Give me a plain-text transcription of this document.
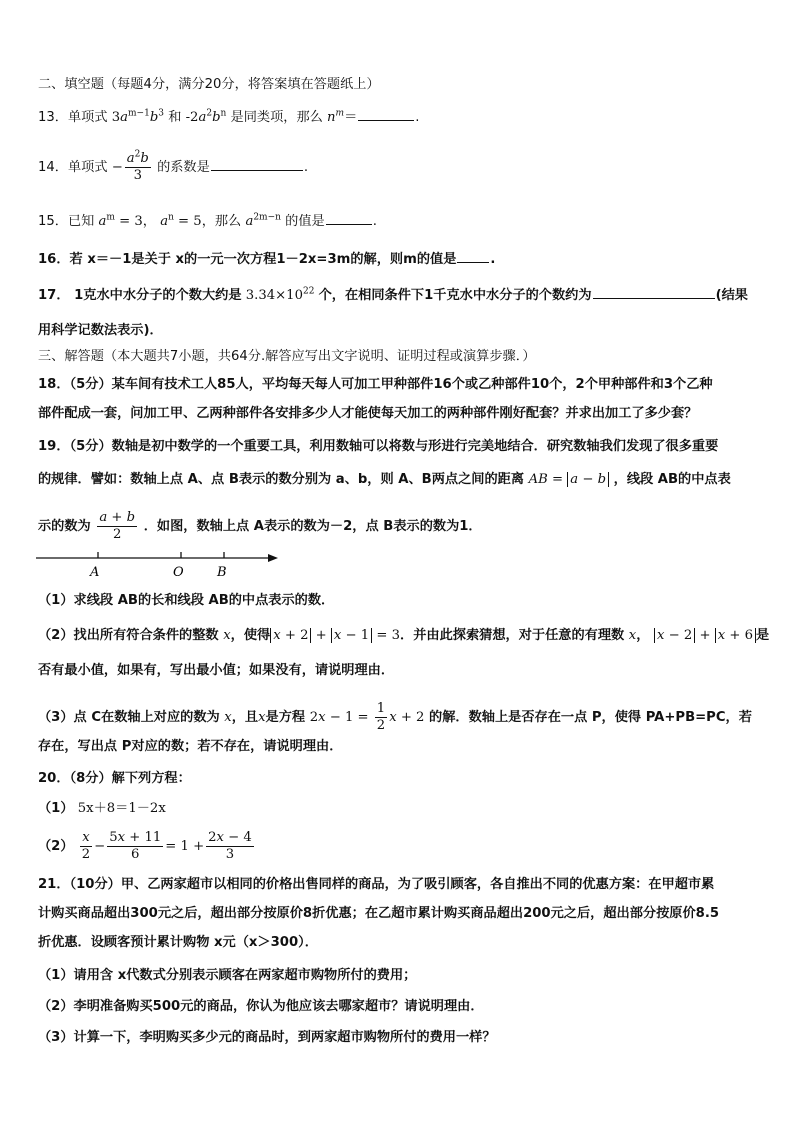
二、填空题（每题4分，满分20分，将答案填在答题纸上）
13．单项式 $3a^{m-1}b^3$ 和 $-2a^2b^n$ 是同类项，那么 $n^m=$	.
14．单项式 − $\frac{a^2b}{3}$ 的系数是	.
15．已知 $a^m = 3$， $a^n = 5$，那么 $a^{2m-n}$ 的值是	.
16．若 x＝－1是关于 x的一元一次方程1－2x=3m的解，则m的值是	.
17． 1克水中水分子的个数大约是 $3.34\times 10^{22}$ 个，在相同条件下1千克水中水分子的个数约为	(结果
用科学记数法表示)．
三、解答题（本大题共7小题，共64分.解答应写出文字说明、证明过程或演算步骤．）
18．（5分）某车间有技术工人85人，平均每天每人可加工甲种部件16个或乙种部件10个，2个甲种部件和3个乙种
部件配成一套，问加工甲、乙两种部件各安排多少人才能使每天加工的两种部件刚好配套？并求出加工了多少套？
19．（5分）数轴是初中数学的一个重要工具，利用数轴可以将数与形进行完美地结合．研究数轴我们发现了很多重要
的规律．譬如：数轴上点 A、点 B表示的数分别为 a、b，则 A、B两点之间的距离 AB = a − b ，线段 AB的中点表
示的数为 $\frac{a + b}{2}$ ．如图，数轴上点 A表示的数为－2，点 B表示的数为1．
A	O	B
（1）求线段 AB的长和线段 AB的中点表示的数．
（2）找出所有符合条件的整数 x，使得 x + 2 + x − 1 = 3．并由此探索猜想，对于任意的有理数 x， x − 2 + x + 6 是
否有最小值，如果有，写出最小值；如果没有，请说明理由．
（3）点 C在数轴上对应的数为 x，且x是方程 $2x - 1 = \frac{1}{2}$ x + 2 的解．数轴上是否存在一点 P，使得 PA+PB=PC，若
存在，写出点 P对应的数；若不存在，请说明理由．
20．（8分）解下列方程：
（1） 5x＋8＝1－2x
$(2) \frac{x}{2} - \frac{5x + 11}{6} = 1 + \frac{2x - 4}{3}$
21．（10分）甲、乙两家超市以相同的价格出售同样的商品，为了吸引顾客，各自推出不同的优惠方案：在甲超市累
计购买商品超出300元之后，超出部分按原价8折优惠；在乙超市累计购买商品超出200元之后，超出部分按原价8.5
折优惠．设顾客预计累计购物 x元（x＞300）．
（1）请用含 x代数式分别表示顾客在两家超市购物所付的费用；
（2）李明准备购买500元的商品，你认为他应该去哪家超市？请说明理由．
（3）计算一下，李明购买多少元的商品时，到两家超市购物所付的费用一样？
